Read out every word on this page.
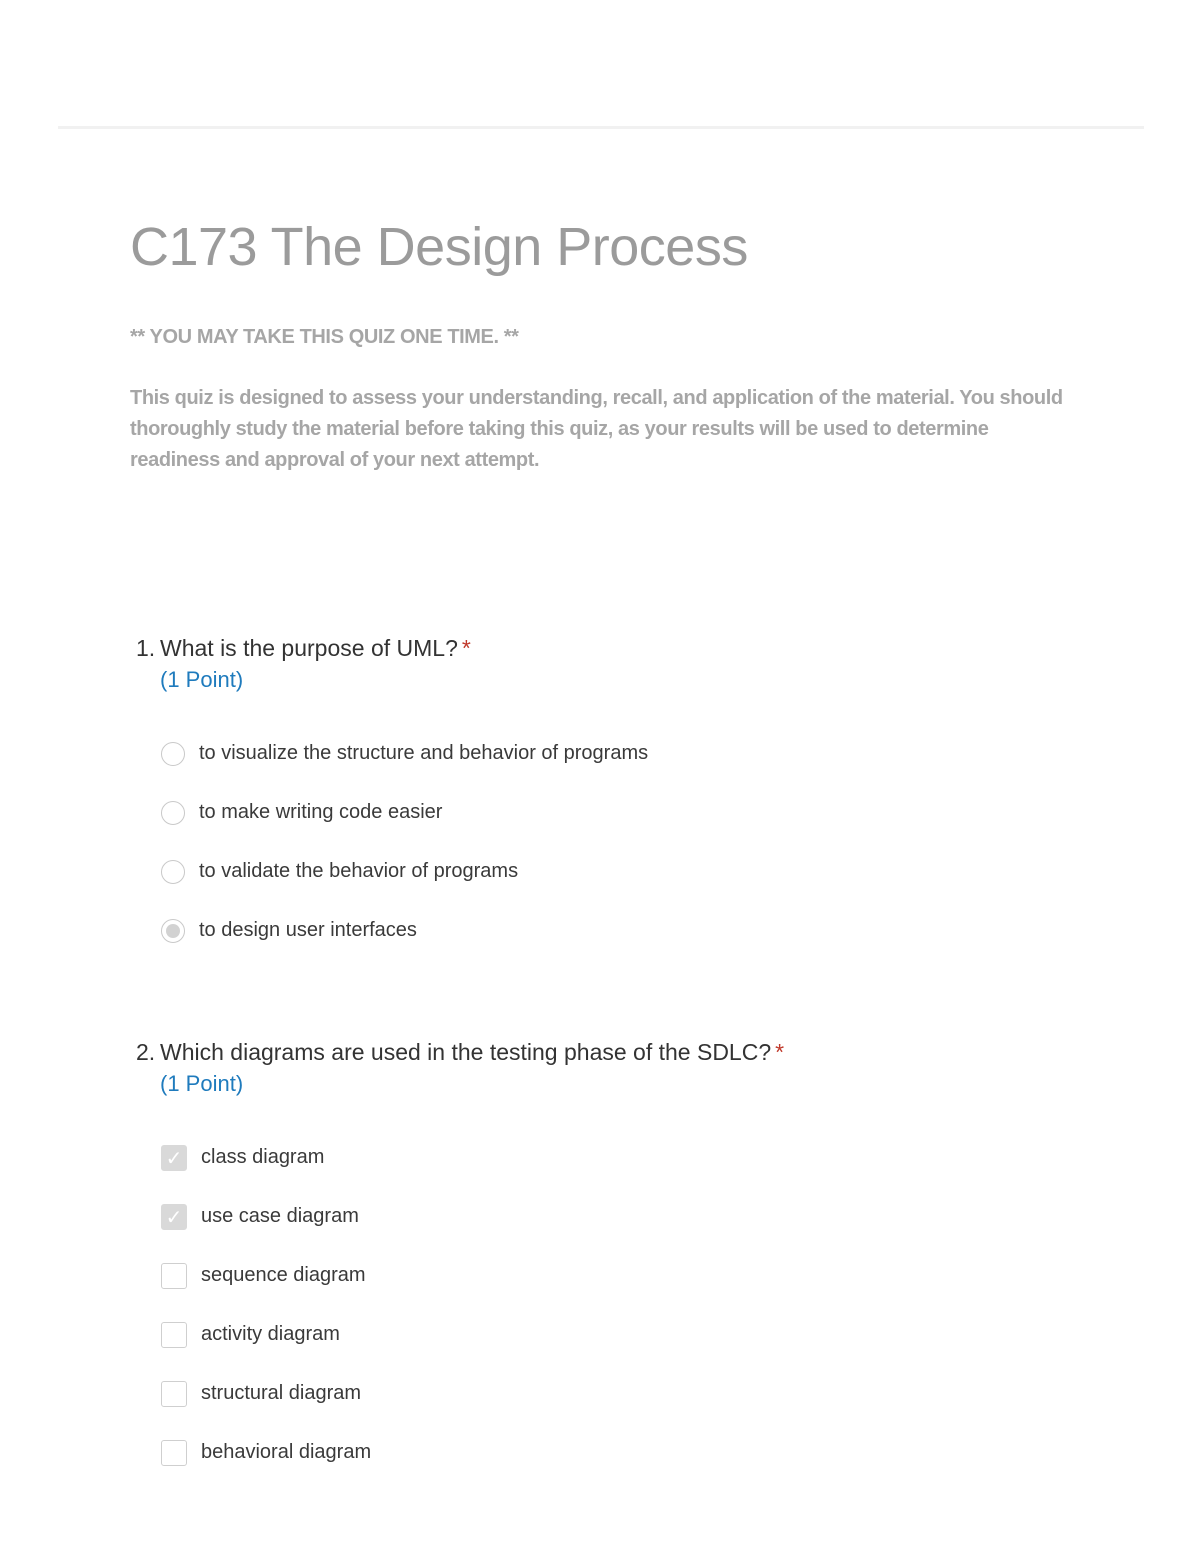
C173 The Design Process
** YOU MAY TAKE THIS QUIZ ONE TIME. **
This quiz is designed to assess your understanding, recall, and application of the material. You should thoroughly study the material before taking this quiz, as your results will be used to determine readiness and approval of your next attempt.
1. What is the purpose of UML? *
(1 Point)
to visualize the structure and behavior of programs
to make writing code easier
to validate the behavior of programs
to design user interfaces
2. Which diagrams are used in the testing phase of the SDLC? *
(1 Point)
✓ class diagram
✓ use case diagram
sequence diagram
activity diagram
structural diagram
behavioral diagram
